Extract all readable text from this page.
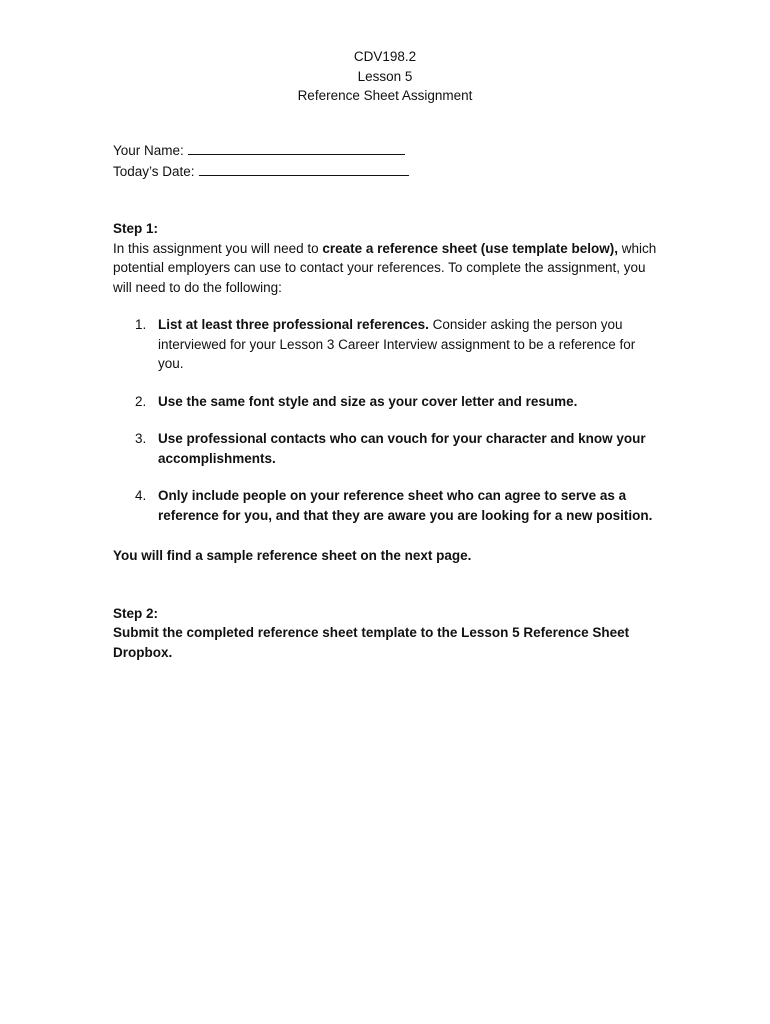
CDV198.2
Lesson 5
Reference Sheet Assignment
Your Name:
Today’s Date:

Step 1:

In this assignment you will need to create a reference sheet (use template below), which potential employers can use to contact your references. To complete the assignment, you will need to do the following:

1. List at least three professional references. Consider asking the person you interviewed for your Lesson 3 Career Interview assignment to be a reference for you.
2. Use the same font style and size as your cover letter and resume.
3. Use professional contacts who can vouch for your character and know your accomplishments.
4. Only include people on your reference sheet who can agree to serve as a reference for you, and that they are aware you are looking for a new position.

You will find a sample reference sheet on the next page.

Step 2:

Submit the completed reference sheet template to the Lesson 5 Reference Sheet Dropbox.
